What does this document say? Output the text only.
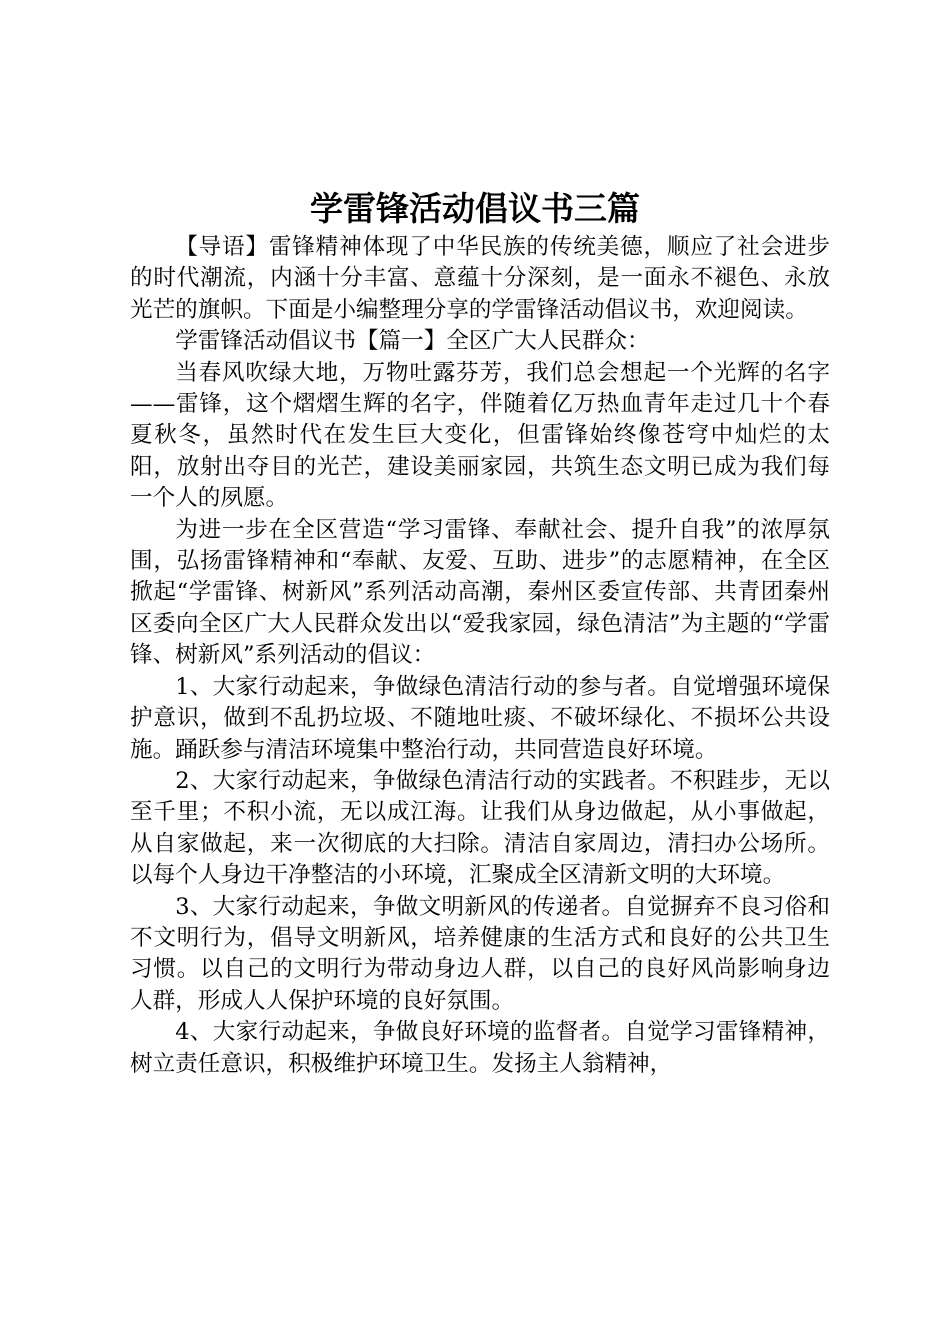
学雷锋活动倡议书三篇

【导语】雷锋精神体现了中华民族的传统美德，顺应了社会进步的时代潮流，内涵十分丰富、意蕴十分深刻，是一面永不褪色、永放光芒的旗帜。下面是小编整理分享的学雷锋活动倡议书，欢迎阅读。

学雷锋活动倡议书【篇一】全区广大人民群众：

当春风吹绿大地，万物吐露芬芳，我们总会想起一个光辉的名字——雷锋，这个熠熠生辉的名字，伴随着亿万热血青年走过几十个春夏秋冬，虽然时代在发生巨大变化，但雷锋始终像苍穹中灿烂的太阳，放射出夺目的光芒，建设美丽家园，共筑生态文明已成为我们每一个人的夙愿。

为进一步在全区营造“学习雷锋、奉献社会、提升自我”的浓厚氛围，弘扬雷锋精神和“奉献、友爱、互助、进步”的志愿精神，在全区掀起“学雷锋、树新风”系列活动高潮，秦州区委宣传部、共青团秦州区委向全区广大人民群众发出以“爱我家园，绿色清洁”为主题的“学雷锋、树新风”系列活动的倡议：

1、大家行动起来，争做绿色清洁行动的参与者。自觉增强环境保护意识，做到不乱扔垃圾、不随地吐痰、不破坏绿化、不损坏公共设施。踊跃参与清洁环境集中整治行动，共同营造良好环境。

2、大家行动起来，争做绿色清洁行动的实践者。不积跬步，无以至千里；不积小流，无以成江海。让我们从身边做起，从小事做起，从自家做起，来一次彻底的大扫除。清洁自家周边，清扫办公场所。以每个人身边干净整洁的小环境，汇聚成全区清新文明的大环境。

3、大家行动起来，争做文明新风的传递者。自觉摒弃不良习俗和不文明行为，倡导文明新风，培养健康的生活方式和良好的公共卫生习惯。以自己的文明行为带动身边人群，以自己的良好风尚影响身边人群，形成人人保护环境的良好氛围。

4、大家行动起来，争做良好环境的监督者。自觉学习雷锋精神，树立责任意识，积极维护环境卫生。发扬主人翁精神，
